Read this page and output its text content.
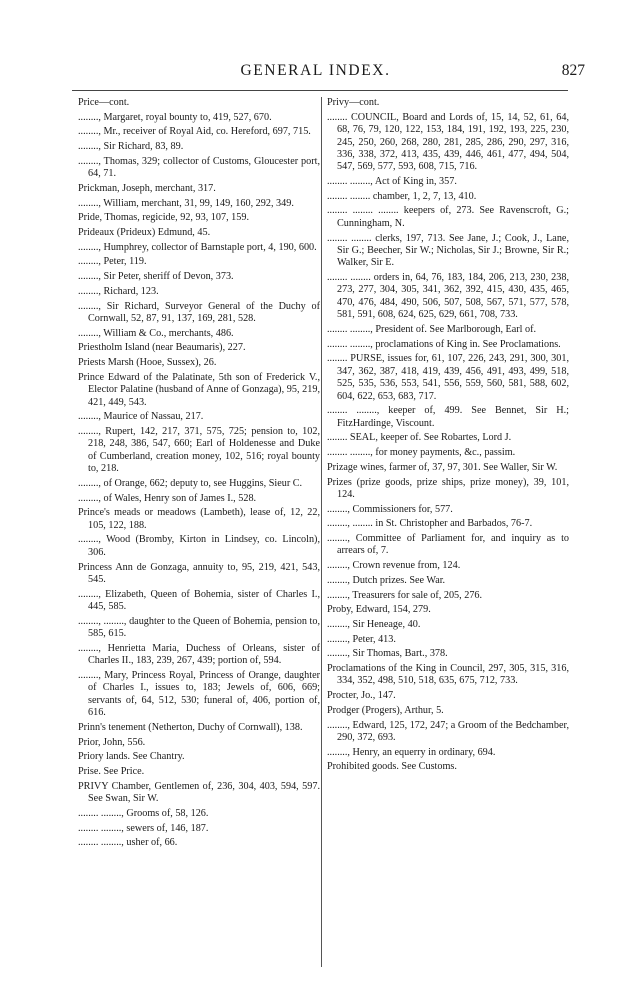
GENERAL INDEX.	827
Price—cont.
........, Margaret, royal bounty to, 419, 527, 670.
........, Mr., receiver of Royal Aid, co. Hereford, 697, 715.
........, Sir Richard, 83, 89.
........, Thomas, 329; collector of Customs, Gloucester port, 64, 71.
Prickman, Joseph, merchant, 317.
........, William, merchant, 31, 99, 149, 160, 292, 349.
Pride, Thomas, regicide, 92, 93, 107, 159.
Prideaux (Prideux) Edmund, 45.
........, Humphrey, collector of Barnstaple port, 4, 190, 600.
........, Peter, 119.
........, Sir Peter, sheriff of Devon, 373.
........, Richard, 123.
........, Sir Richard, Surveyor General of the Duchy of Cornwall, 52, 87, 91, 137, 169, 281, 528.
........, William & Co., merchants, 486.
Priestholm Island (near Beaumaris), 227.
Priests Marsh (Hooe, Sussex), 26.
Prince Edward of the Palatinate, 5th son of Frederick V., Elector Palatine (husband of Anne of Gonzaga), 95, 219, 421, 449, 543.
........, Maurice of Nassau, 217.
........, Rupert, 142, 217, 371, 575, 725; pension to, 102, 218, 248, 386, 547, 660; Earl of Holdenesse and Duke of Cumberland, creation money, 102, 516; royal bounty to, 218.
........, of Orange, 662; deputy to, see Huggins, Sieur C.
........, of Wales, Henry son of James I., 528.
Prince's meads or meadows (Lambeth), lease of, 12, 22, 105, 122, 188.
........, Wood (Bromby, Kirton in Lindsey, co. Lincoln), 306.
Princess Ann de Gonzaga, annuity to, 95, 219, 421, 543, 545.
........, Elizabeth, Queen of Bohemia, sister of Charles I., 445, 585.
........, ........, daughter to the Queen of Bohemia, pension to, 585, 615.
........, Henrietta Maria, Duchess of Orleans, sister of Charles II., 183, 239, 267, 439; portion of, 594.
........, Mary, Princess Royal, Princess of Orange, daughter of Charles I., issues to, 183; Jewels of, 606, 669; servants of, 64, 512, 530; funeral of, 406, portion of, 616.
Prinn's tenement (Netherton, Duchy of Cornwall), 138.
Prior, John, 556.
Priory lands. See Chantry.
Prise. See Price.
PRIVY Chamber, Gentlemen of, 236, 304, 403, 594, 597. See Swan, Sir W.
........ ........, Grooms of, 58, 126.
........ ........, sewers of, 146, 187.
........ ........, usher of, 66.
Privy—cont.
........ COUNCIL, Board and Lords of, 15, 14, 52, 61, 64, 68, 76, 79, 120, 122, 153, 184, 191, 192, 193, 225, 230, 245, 250, 260, 268, 280, 281, 285, 286, 290, 297, 316, 336, 338, 372, 413, 435, 439, 446, 461, 477, 494, 504, 547, 569, 577, 593, 608, 715, 716.
........ ........, Act of King in, 357.
........ ........ chamber, 1, 2, 7, 13, 410.
........ ........ ........ keepers of, 273. See Ravenscroft, G.; Cunningham, N.
........ ........ clerks, 197, 713. See Jane, J.; Cook, J., Lane, Sir G.; Beecher, Sir W.; Nicholas, Sir J.; Browne, Sir R.; Walker, Sir E.
........ ........ orders in, 64, 76, 183, 184, 206, 213, 230, 238, 273, 277, 304, 305, 341, 362, 392, 415, 430, 435, 465, 470, 476, 484, 490, 506, 507, 508, 567, 571, 577, 578, 581, 591, 608, 624, 625, 629, 661, 708, 733.
........ ........, President of. See Marlborough, Earl of.
........ ........, proclamations of King in. See Proclamations.
........ PURSE, issues for, 61, 107, 226, 243, 291, 300, 301, 347, 362, 387, 418, 419, 439, 456, 491, 493, 499, 518, 525, 535, 536, 553, 541, 556, 559, 560, 581, 588, 602, 604, 622, 653, 683, 717.
........ ........, keeper of, 499. See Bennet, Sir H.; FitzHardinge, Viscount.
........ SEAL, keeper of. See Robartes, Lord J.
........ ........, for money payments, &c., passim.
Prizage wines, farmer of, 37, 97, 301. See Waller, Sir W.
Prizes (prize goods, prize ships, prize money), 39, 101, 124.
........, Commissioners for, 577.
........, ........ in St. Christopher and Barbados, 76-7.
........, Committee of Parliament for, and inquiry as to arrears of, 7.
........, Crown revenue from, 124.
........, Dutch prizes. See War.
........, Treasurers for sale of, 205, 276.
Proby, Edward, 154, 279.
........, Sir Heneage, 40.
........, Peter, 413.
........, Sir Thomas, Bart., 378.
Proclamations of the King in Council, 297, 305, 315, 316, 334, 352, 498, 510, 518, 635, 675, 712, 733.
Procter, Jo., 147.
Prodger (Progers), Arthur, 5.
........, Edward, 125, 172, 247; a Groom of the Bedchamber, 290, 372, 693.
........, Henry, an equerry in ordinary, 694.
Prohibited goods. See Customs.
